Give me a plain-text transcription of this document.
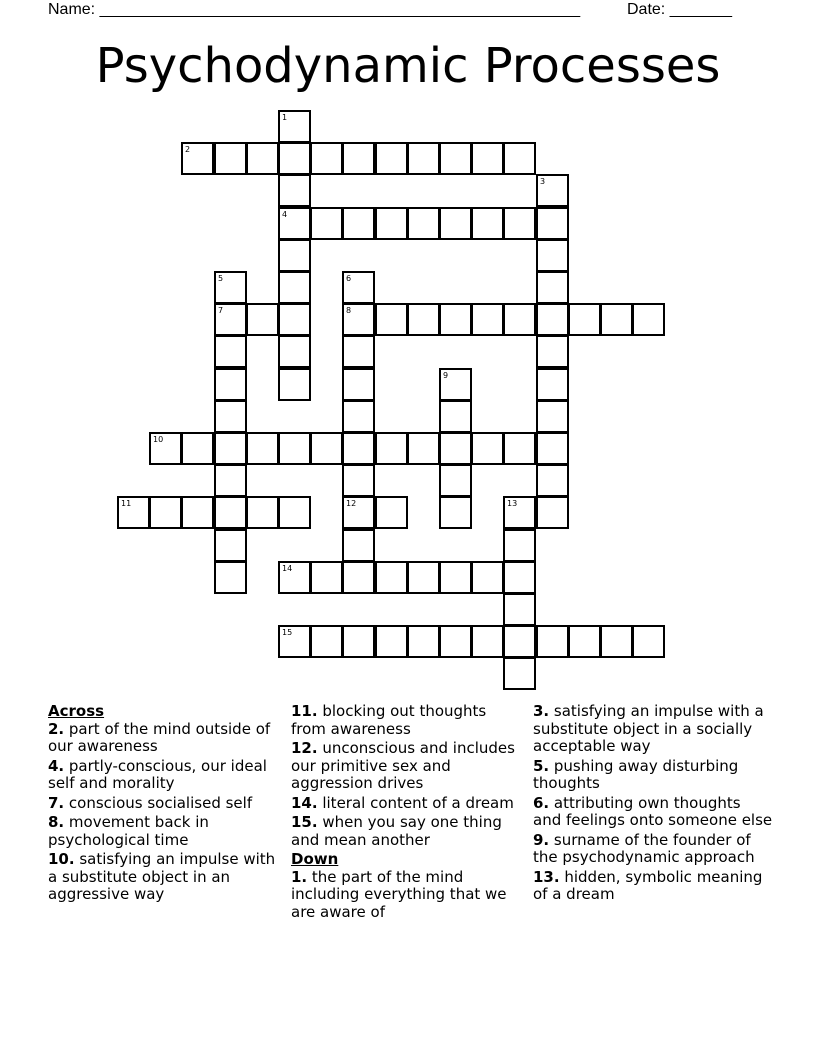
Name: ______________________________________________________	Date: _______
Psychodynamic Processes
1
4
2
3
5
7
6
8
12
9
10
11	13
14
15
Across
2. part of the mind outside of our awareness
4. partly-conscious, our ideal self and morality
7. conscious socialised self
8. movement back in psychological time
10. satisfying an impulse with a substitute object in an aggressive way
11. blocking out thoughts from awareness
12. unconscious and includes our primitive sex and aggression drives
14. literal content of a dream
15. when you say one thing and mean another
Down
1. the part of the mind including everything that we are aware of
3. satisfying an impulse with a substitute object in a socially acceptable way
5. pushing away disturbing thoughts
6. attributing own thoughts and feelings onto someone else
9. surname of the founder of the psychodynamic approach
13. hidden, symbolic meaning of a dream
